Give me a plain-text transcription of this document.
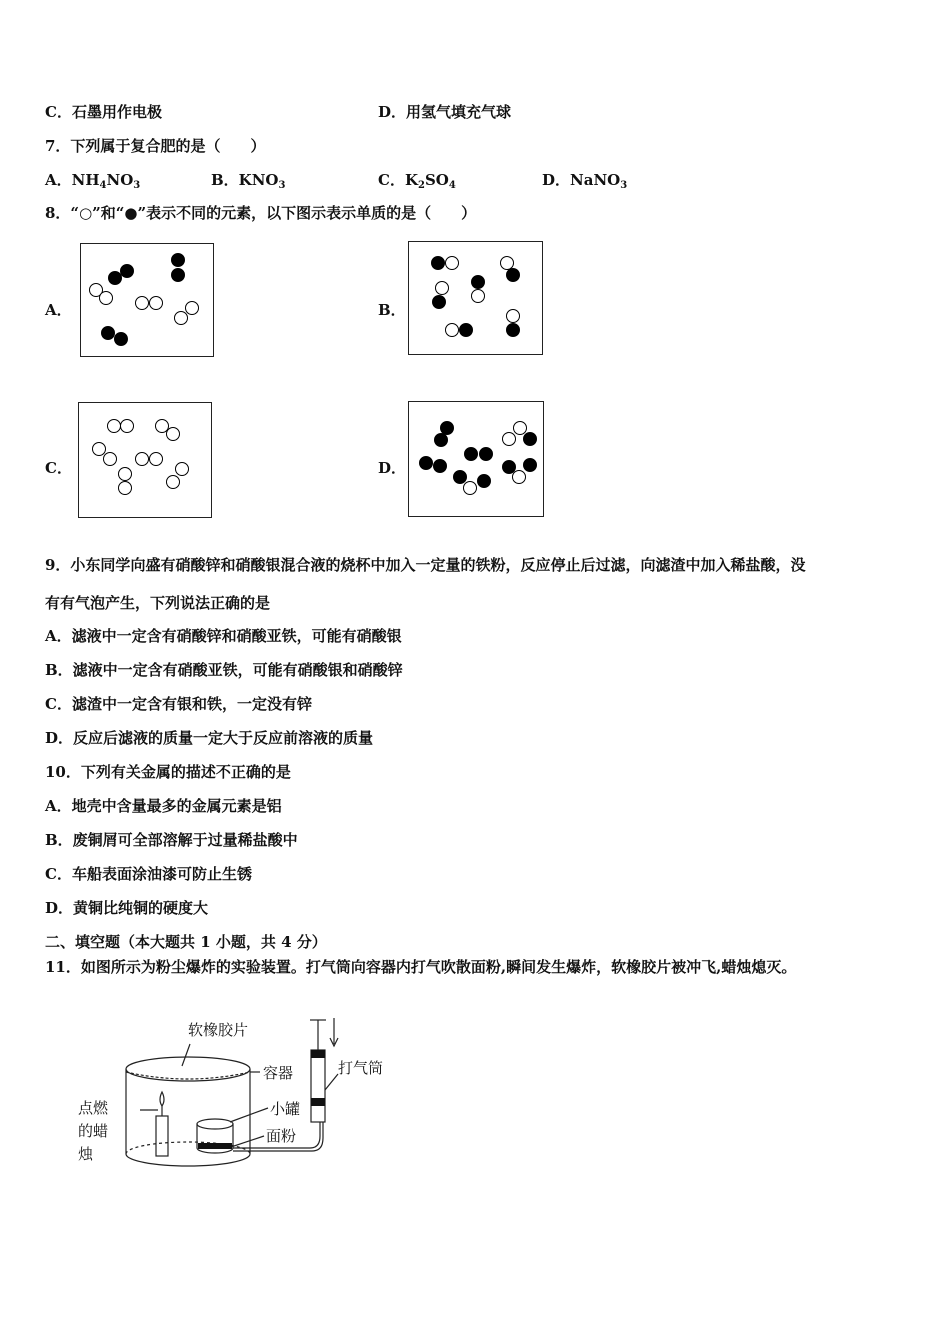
C．石墨用作电极	D．用氢气填充气球
7．下列属于复合肥的是（　　）
A．$NH_4NO_3$	B．$KNO_3$	C．$K_2SO_4$	D．NaNO$_3$
8．“○”和“●”表示不同的元素，以下图示表示单质的是（　　）
A．	B．
C．	D．
9．小东同学向盛有硝酸锌和硝酸银混合液的烧杯中加入一定量的铁粉，反应停止后过滤，向滤渣中加入稀盐酸，没
有有气泡产生，下列说法正确的是
A．滤液中一定含有硝酸锌和硝酸亚铁，可能有硝酸银
B．滤液中一定含有硝酸亚铁，可能有硝酸银和硝酸锌
C．滤渣中一定含有银和铁，一定没有锌
D．反应后滤液的质量一定大于反应前溶液的质量
10．下列有关金属的描述不正确的是
A．地壳中含量最多的金属元素是铝
B．废铜屑可全部溶解于过量稀盐酸中
C．车船表面涂油漆可防止生锈
D．黄铜比纯铜的硬度大
二、填空题（本大题共 1 小题，共 4 分）
11．如图所示为粉尘爆炸的实验装置。打气筒向容器内打气吹散面粉,瞬间发生爆炸，软橡胶片被冲飞,蜡烛熄灭。
软橡胶片
容器	打气筒
小罐
面粉
点燃
的蜡
烛
